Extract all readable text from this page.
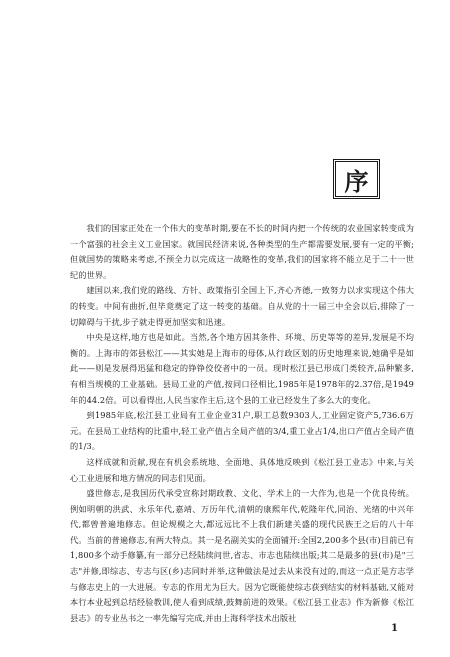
序

我们的国家正处在一个伟大的变革时期,要在不长的时间内把一个传统的农业国家转变成为一个富强的社会主义工业国家。就国民经济来说,各种类型的生产都需要发展,要有一定的平衡;但就国势的策略来考虑,不预全力以完成这一战略性的变革,我们的国家将不能立足于二十一世纪的世界。

建国以来,我们党的路线、方针、政策指引全国上下,齐心齐德,一致努力以求实现这个伟大的转变。中间有曲折,但毕竟奠定了这一转变的基础。自从党的十一届三中全会以后,排除了一切障碍与干扰,步子就走得更加坚实和迅速。

中央是这样,地方也是如此。当然,各个地方因其条件、环境、历史等等的差异,发展是不均衡的。上海市的郊县松江——其实她是上海市的母体,从行政区划的历史地理来说,她确乎是如此——则是发展得迅猛和稳定的铮铮佼佼者中的一员。现时松江县已形成门类较齐,品种繁多,有相当规模的工业基础。县局工业的产值,按同口径相比,1985年是1978年的2.37倍,是1949年的44.2倍。可以看得出,人民当家作主后,这个县的工业已经发生了多么大的变化。

到1985年底,松江县工业局有工业企业31户,职工总数9303人,工业固定资产5,736.6万元。在县局工业结构的比重中,轻工业产值占全局产值的3/4,重工业占1/4,出口产值占全局产值的1/3。

这样成就和贡献,现在有机会系统地、全面地、具体地反映到《松江县工业志》中来,与关心工业进展和地方情况的同志们见面。

盛世修志,是我国历代承受宣称封期政教、文化、学术上的一大作为,也是一个优良传统。例如明朝的洪武、永乐年代,嘉靖、万历年代,清朝的康熙年代,乾隆年代,同治、光绪的中兴年代,都曾普遍地修志。但论规模之大,都远远比不上我们新建关盛的现代民族王之后的八十年代。当前的普遍修志,有两大特点。其一是名副关实的全面铺开:全国2,200多个县(市)目前已有1,800多个动手修纂,有一部分已经陆续问世,省志、市志也陆续出版;其二是最多的县(市)是"三志"并修,即综志、专志与区(乡)志同时并举,这种做法是过去从来没有过的,而这一点正是方志学与修志史上的一大进展。专志的作用尤为巨大。因为它既能使综志获到结实的材料基础,又能对本行本业起到总结经验教训,使人看到成绩,鼓舞前进的效果。《松江县工业志》作为新修《松江县志》的专业丛书之一率先编写完成,并由上海科学技术出版社

1
